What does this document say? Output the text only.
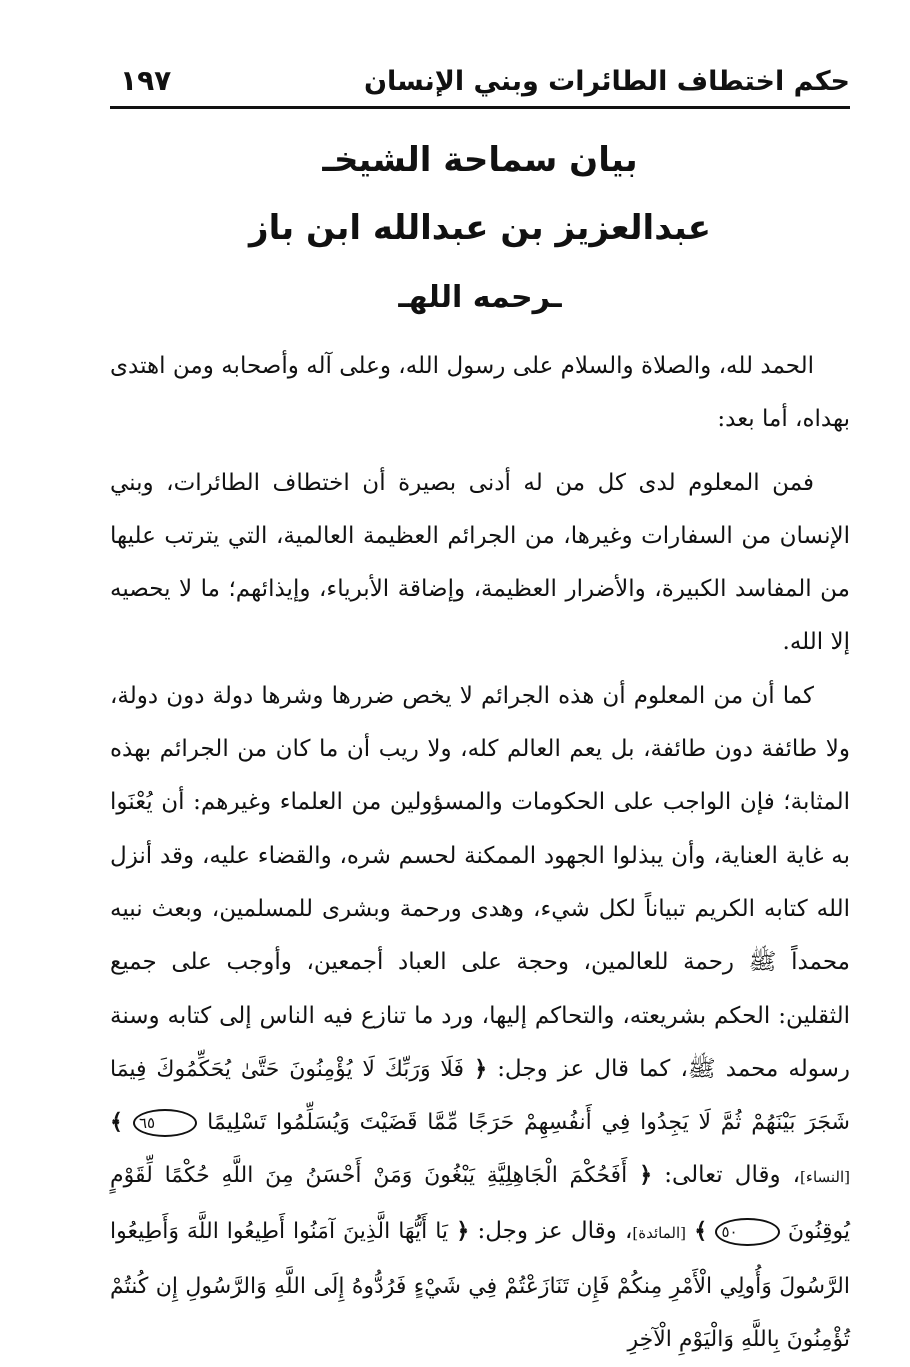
حكم اختطاف الطائرات وبني الإنسان
١٩٧
بيان سماحة الشيخـ
عبدالعزيز بن عبدالله ابن باز
ـرحمه اللهـ

الحمد لله، والصلاة والسلام على رسول الله، وعلى آله وأصحابه ومن اهتدى بهداه، أما بعد:

فمن المعلوم لدى كل من له أدنى بصيرة أن اختطاف الطائرات، وبني الإنسان من السفارات وغيرها، من الجرائم العظيمة العالمية، التي يترتب عليها من المفاسد الكبيرة، والأضرار العظيمة، وإضاقة الأبرياء، وإيذائهم؛ ما لا يحصيه إلا الله.

كما أن من المعلوم أن هذه الجرائم لا يخص ضررها وشرها دولة دون دولة، ولا طائفة دون طائفة، بل يعم العالم كله، ولا ريب أن ما كان من الجرائم بهذه المثابة؛ فإن الواجب على الحكومات والمسؤولين من العلماء وغيرهم: أن يُعْنَوا به غاية العناية، وأن يبذلوا الجهود الممكنة لحسم شره، والقضاء عليه، وقد أنزل الله كتابه الكريم تبياناً لكل شيء، وهدى ورحمة وبشرى للمسلمين، وبعث نبيه محمداً ﷺ رحمة للعالمين، وحجة على العباد أجمعين، وأوجب على جميع الثقلين: الحكم بشريعته، والتحاكم إليها، ورد ما تنازع فيه الناس إلى كتابه وسنة رسوله محمد ﷺ، كما قال عز وجل: ﴿ فَلَا وَرَبِّكَ لَا يُؤْمِنُونَ حَتَّىٰ يُحَكِّمُوكَ فِيمَا شَجَرَ بَيْنَهُمْ ثُمَّ لَا يَجِدُوا فِي أَنفُسِهِمْ حَرَجًا مِّمَّا قَضَيْتَ وَيُسَلِّمُوا تَسْلِيمًا ٦٥ ﴾ [النساء]، وقال تعالى: ﴿ أَفَحُكْمَ الْجَاهِلِيَّةِ يَبْغُونَ وَمَنْ أَحْسَنُ مِنَ اللَّهِ حُكْمًا لِّقَوْمٍ يُوقِنُونَ ٥٠ ﴾ [المائدة]، وقال عز وجل: ﴿ يَا أَيُّهَا الَّذِينَ آمَنُوا أَطِيعُوا اللَّهَ وَأَطِيعُوا الرَّسُولَ وَأُولِي الْأَمْرِ مِنكُمْ فَإِن تَنَازَعْتُمْ فِي شَيْءٍ فَرُدُّوهُ إِلَى اللَّهِ وَالرَّسُولِ إِن كُنتُمْ تُؤْمِنُونَ بِاللَّهِ وَالْيَوْمِ الْآخِرِ
